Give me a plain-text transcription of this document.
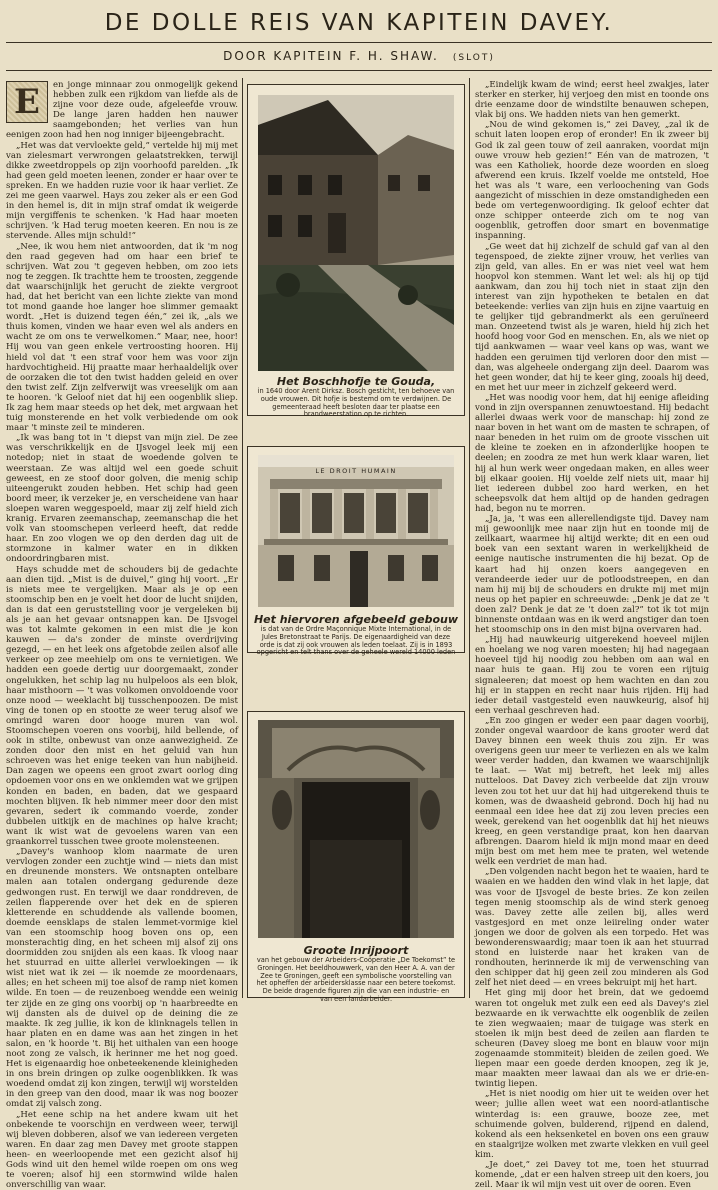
DE DOLLE REIS VAN KAPITEIN DAVEY.
DOOR KAPITEIN F. H. SHAW. (SLOT)

E	en jonge minnaar zou onmogelijk gekend hebben zulk een rijkdom van liefde als de zijne voor deze oude, afgeleefde vrouw. De lange jaren hadden hen nauwer saamgebonden; het verlies van hun eenigen zoon had hen nog inniger bijeengebracht.

„Het was dat vervloekte geld,” vertelde hij mij met van zielesmart verwrongen gelaatstrekken, terwijl dikke zweetdroppels op zijn voorhoofd parelden. „Ik had geen geld moeten leenen, zonder er haar over te spreken. En we hadden ruzie voor ik haar verliet. Ze zei me geen vaarwel. Hays zou zeker als er een God in den hemel is, dit in mijn straf omdat ik weigerde mijn vergiffenis te schenken. 'k Had haar moeten schrijven. 'k Had terug moeten keeren. En nou is ze stervende. Alles mijn schuld!”

„Nee, ik wou hem niet antwoorden, dat ik 'm nog den raad gegeven had om haar een brief te schrijven. Wat zou 't gegeven hebben, om zoo iets nog te zeggen. Ik trachtte hem te troosten, zeggende dat waarschijnlijk het gerucht de ziekte vergroot had, dat het bericht van een lichte ziekte van mond tot mond gaande hoe langer hoe slimmer gemaakt wordt. „Het is duizend tegen één,” zei ik, „als we thuis komen, vinden we haar even wel als anders en wacht ze om ons te verwelkomen.” Maar, nee, hoor! Hij wou van geen enkele vertroosting hooren. Hij hield vol dat 't een straf voor hem was voor zijn hardvochtigheid. Hij praatte maar herhaaldelijk over de oorzaken die tot den twist hadden geleid en over den twist zelf. Zijn zelfverwijt was vreeselijk om aan te hooren. 'k Geloof niet dat hij een oogenblik sliep. Ik zag hem maar steeds op het dek, met argwaan het tuig monsterende en het volk verbiedende om ook maar 't minste zeil te minderen.

„Ik was bang tot in 't diepst van mijn ziel. De zee was verschrikkelijk en de IJsvogel leek mij een notedop; niet in staat de woedende golven te weerstaan. Ze was altijd wel een goede schuit geweest, en ze stoof door golven, die menig schip uiteengerukt zouden hebben. Het schip had geen boord meer, ik verzeker je, en verscheidene van haar sloepen waren weggespoeld, maar zij zelf hield zich kranig. Ervaren zeemanschap, zeemanschap die het volk van stoomschepen verleerd heeft, dat redde haar. En zoo vlogen we op den derden dag uit de stormzone in kalmer water en in dikken ondoordringbaren mist.

Hays schudde met de schouders bij de gedachte aan dien tijd. „Mist is de duivel,” ging hij voort. „Er is niets mee te vergelijken. Maar als je op een stoomschip ben en je voelt het door de lucht snijden, dan is dat een geruststelling voor je vergeleken bij als je aan het gevaar ontsnappen kan. De IJsvogel was tot kalmte gekomen in een mist die je kon kauwen — da's zonder de minste overdrijving gezegd, — en het leek ons afgetobde zeilen alsof alle verkeer op zee meehielp om ons te vernietigen. We hadden een goede dertig uur doorgemaakt, zonder ongelukken, het schip lag nu hulpeloos als een blok, haar misthoorn — 't was volkomen onvoldoende voor onze nood — weeklacht bij tusschenpoozen. De mist ving de tonen op en stootte ze weer terug alsof we omringd waren door hooge muren van wol. Stoomschepen voeren ons voorbij, hild bellende, of ook in stilte, onbewust van onze aanwezigheid. Ze zonden door den mist en het geluid van hun schroeven was het enige teeken van hun nabijheid. Dan zagen we opeens een groot zwart oorlog ding opdoemen voor ons en we onklemden wat we grijpen konden en baden, en baden, dat we gespaard mochten blijven. Ik heb nimmer meer door den mist gevaren, sedert ik commando voerde, zonder dubbelen uitkijk en de machines op halve kracht; want ik wist wat de gevoelens waren van een graankorrel tusschen twee groote molensteenen.

„Davey's wanhoop klom naarmate de uren vervlogen zonder een zuchtje wind — niets dan mist en dreunende monsters. We ontsnapten ontelbare malen aan totalen ondergang gedurende deze gedwongen rust. En terwijl we daar ronddreven, de zeilen flapperende over het dek en de spieren kletterende en schuddende als vallende boomen, doemde eensklaps de stalen lemmet-vormige kiel van een stoomschip hoog boven ons op, een monsterachtig ding, en het scheen mij alsof zij ons doormidden zou snijden als een kaas. Ik vloog naar het stuurrad en uitte allerlei verwloekingen — ik wist niet wat ik zei — ik noemde ze moordenaars, alles; en het scheen mij toe alsof de ramp niet komen wilde. En toen — de reuzenboeg wendde een weinig ter zijde en ze ging ons voorbij op 'n haarbreedte en wij dansten als de duivel op de deining die ze maakte. Ik zeg jullie, ik kon de klinknagels tellen in haar platen en en dame was aan het zingen in het salon, en 'k hoorde 't. Bij het uithalen van een hooge noot zong ze valsch, ik herinner me het nog goed. Het is eigenaardig hoe onbeteekenende kleinigheden in ons brein dringen op zulke oogenblikken. Ik was woedend omdat zij kon zingen, terwijl wij worstelden in den greep van den dood, maar ik was nog boozer omdat zij valsch zong.

„Het eene schip na het andere kwam uit het onbekende te voorschijn en verdween weer, terwijl wij bleven dobberen, alsof we van iedereen vergeten waren. En daar zag men Davey met groote stappen heen- en weerloopende met een gezicht alsof hij Gods wind uit den hemel wilde roepen om ons weg te voeren; alsof hij een stormwind wilde halen onverschillig van waar.

Het Boschhofje te Gouda,
in 1640 door Arent Dirksz. Bosch gesticht, ten behoeve van oude vrouwen. Dit hofje is bestemd om te verdwijnen. De gemeenteraad heeft besloten daar ter plaatse een brandweerstation op te richten.
LE DROIT HUMAIN
Het hiervoren afgebeeld gebouw
is dat van de Ordre Maçonnique Mixte International, in de Jules Bretonstraat te Parijs. De eigenaardigheid van deze orde is dat zij ook vrouwen als leden toelaat. Zij is in 1893 opgericht en telt thans over de geheele wereld 14000 leden
Groote Inrijpoort
van het gebouw der Arbeiders-Coöperatie „De Toekomst” te Groningen. Het beeldhouwwerk, van den Heer A. A. van der Zee te Groningen, geeft een symbolische voorstelling van het opheffen der arbeidersklasse naar een betere toekomst. De beide dragende figuren zijn die van een industrie- en van een landarbeider.

„Eindelijk kwam de wind; eerst heel zwakjes, later sterker en sterker, hij verjoeg den mist en toonde ons drie eenzame door de windstilte benauwen schepen, vlak bij ons. We hadden niets van hen gemerkt.

„Nou de wind gekomen is,” zei Davey, „zal ik de schuit laten loopen erop of eronder! En ik zweer bij God ik zal geen touw of zeil aanraken, voordat mijn ouwe vrouw heb gezien!” Eén van de matrozen, 't was een Katholiek, hoorde deze woorden en sloeg afwerend een kruis. Ikzelf voelde me ontsteld, Hoe het was als 't ware, een verloochening van Gods aangezicht of misschien in deze omstandigheden een bede om vertegenwoordiging. Ik geloof echter dat onze schipper onteerde zich om te nog van oogenblik, getroffen door smart en bovenmatige inspanning.

„Ge weet dat hij zichzelf de schuld gaf van al den tegenspoed, de ziekte zijner vrouw, het verlies van zijn geld, van alles. En er was niet veel wat hem hoopvol kon stemmen. Want let wel: als hij op tijd aankwam, dan zou hij toch niet in staat zijn den interest van zijn hypotheken te betalen en dat beteekende: verlies van zijn huis en zijne vaartuig en te gelijker tijd gebrandmerkt als een geruïneerd man. Onzeetend twist als je waren, hield hij zich het hoofd hoog voor God en menschen. En, als we niet op tijd aankwamen — waar veel kans op was, want we hadden een geruimen tijd verloren door den mist — dan, was algeheele ondergang zijn deel. Daarom was het geen wonder, dat hij te keer ging, zooals hij deed, en met het uur meer in zichzelf gekeerd werd.

„Het was noodig voor hem, dat hij eenige afleiding vond in zijn overspannen zenuwtoestand. Hij bedacht allerlei dwaas werk voor de manschap: hij zond ze naar boven in het want om de masten te schrapen, of naar beneden in het ruim om de groote visschen uit de kleine te zoeken en in afzonderlijke hoopen te deelen; en zoodra ze met hun werk klaar waren, liet hij al hun werk weer ongedaan maken, en alles weer bij elkaar gooien. Hij voelde zelf niets uit, maar hij liet iedereen dubbel zoo hard werken, en het scheepsvolk dat hem altijd op de handen gedragen had, begon nu te morren.

„Ja, ja, 't was een allerellendigste tijd. Davey nam mij gewoonlijk mee naar zijn hut en toonde mij de zeilkaart, waarmee hij altijd werkte; dit en een oud boek van een sextant waren in werkelijkheid de eenige nautische instrumenten die hij bezat. Op de kaart had hij onzen koers aangegeven en verandeerde ieder uur de potloodstreepen, en dan nam hij mij bij de schouders en drukte mij met mijn neus op het papier en schreeuwde: „Denk je dat ze 't doen zal? Denk je dat ze 't doen zal?” tot ik tot mijn binnenste ontdaan was en ik werd angstiger dan toen het stoomschip ons in den mist bijna overvaren had.

„Hij had nauwkeurig uitgerekend hoeveel mijlen en hoelang we nog varen moesten; hij had nagegaan hoeveel tijd hij noodig zou hebben om aan wal en naar huis te gaan. Hij zou te voren een rijtuig signaleeren; dat moest op hem wachten en dan zou hij er in stappen en recht naar huis rijden. Hij had ieder detail vastgesteld even nauwkeurig, alsof hij een verhaal geschreven had.

„En zoo gingen er weder een paar dagen voorbij, zonder ongeval waardoor de kans grooter werd dat Davey binnen een week thuis zou zijn. Er was overigens geen uur meer te verliezen en als we kalm weer verder hadden, dan kwamen we waarschijnlijk te laat. — Wat mij betreft, het leek mij alles nutteloos. Dat Davey zich verbeelde dat zijn vrouw leven zou tot het uur dat hij had uitgerekend thuis te komen, was de dwaasheid gebrond. Doch hij had nu eenmaal een idee hee dat zij zou leven precies een week, gerekend van het oogenblik dat hij het nieuws kreeg, en geen verstandige praat, kon hen daarvan afbrengen. Daarom hield ik mijn mond maar en deed mijn best om met hem mee te praten, wel wetende welk een verdriet de man had.

„Den volgenden nacht begon het te waaien, hard te waaien en we hadden den wind vlak in het lapje, dat was voor de IJsvogel de beste bries. Ze kon zeilen tegen menig stoomschip als de wind sterk genoeg was. Davey zette alle zeilen bij, alles werd vastgesjord en met onze leiireling onder water jongen we door de golven als een torpedo. Het was bewonderenswaardig; maar toen ik aan het stuurrad stond en luisterde naar het kraken van de rondhouten, herinnerde ik mij de verwensching van den schipper dat hij geen zeil zou minderen als God zelf het niet deed — en vrees bekruipt mij het hart.

Het ging mij door het brein, dat we gedoemd waren tot ongeluk met zulk een eed als Davey's ziel bezwaarde en ik verwachtte elk oogenblik de zeilen te zien wegwaaien; maar de tuigage was sterk en stoelen ik mijn best deed de zeilen aan flarden te scheuren (Davey sloeg me bont en blauw voor mijn zogenaamde stommiteit) bleiden de zeilen goed. We liepen maar een goede derden knoopen, zeg ik je, maar maakten meer lawaai dan als we er drie-en-twintig liepen.

„Het is niet noodig om hier uit te weiden over het weer; jullie allen weet wat een noord-atlantische winterdag is: een grauwe, booze zee, met schuimende golven, bulderend, rijpend en dalend, kokend als een heksenketel en boven ons een grauw en staalgrijze wolken met zwarte vlekken en vuil geel kim.

„Je doet,” zei Davey tot me, toen het stuurrad komende, „dat er een halven streep uit den koers, jou zeil. Maar ik wil mijn vest uit over de ooren. Even
